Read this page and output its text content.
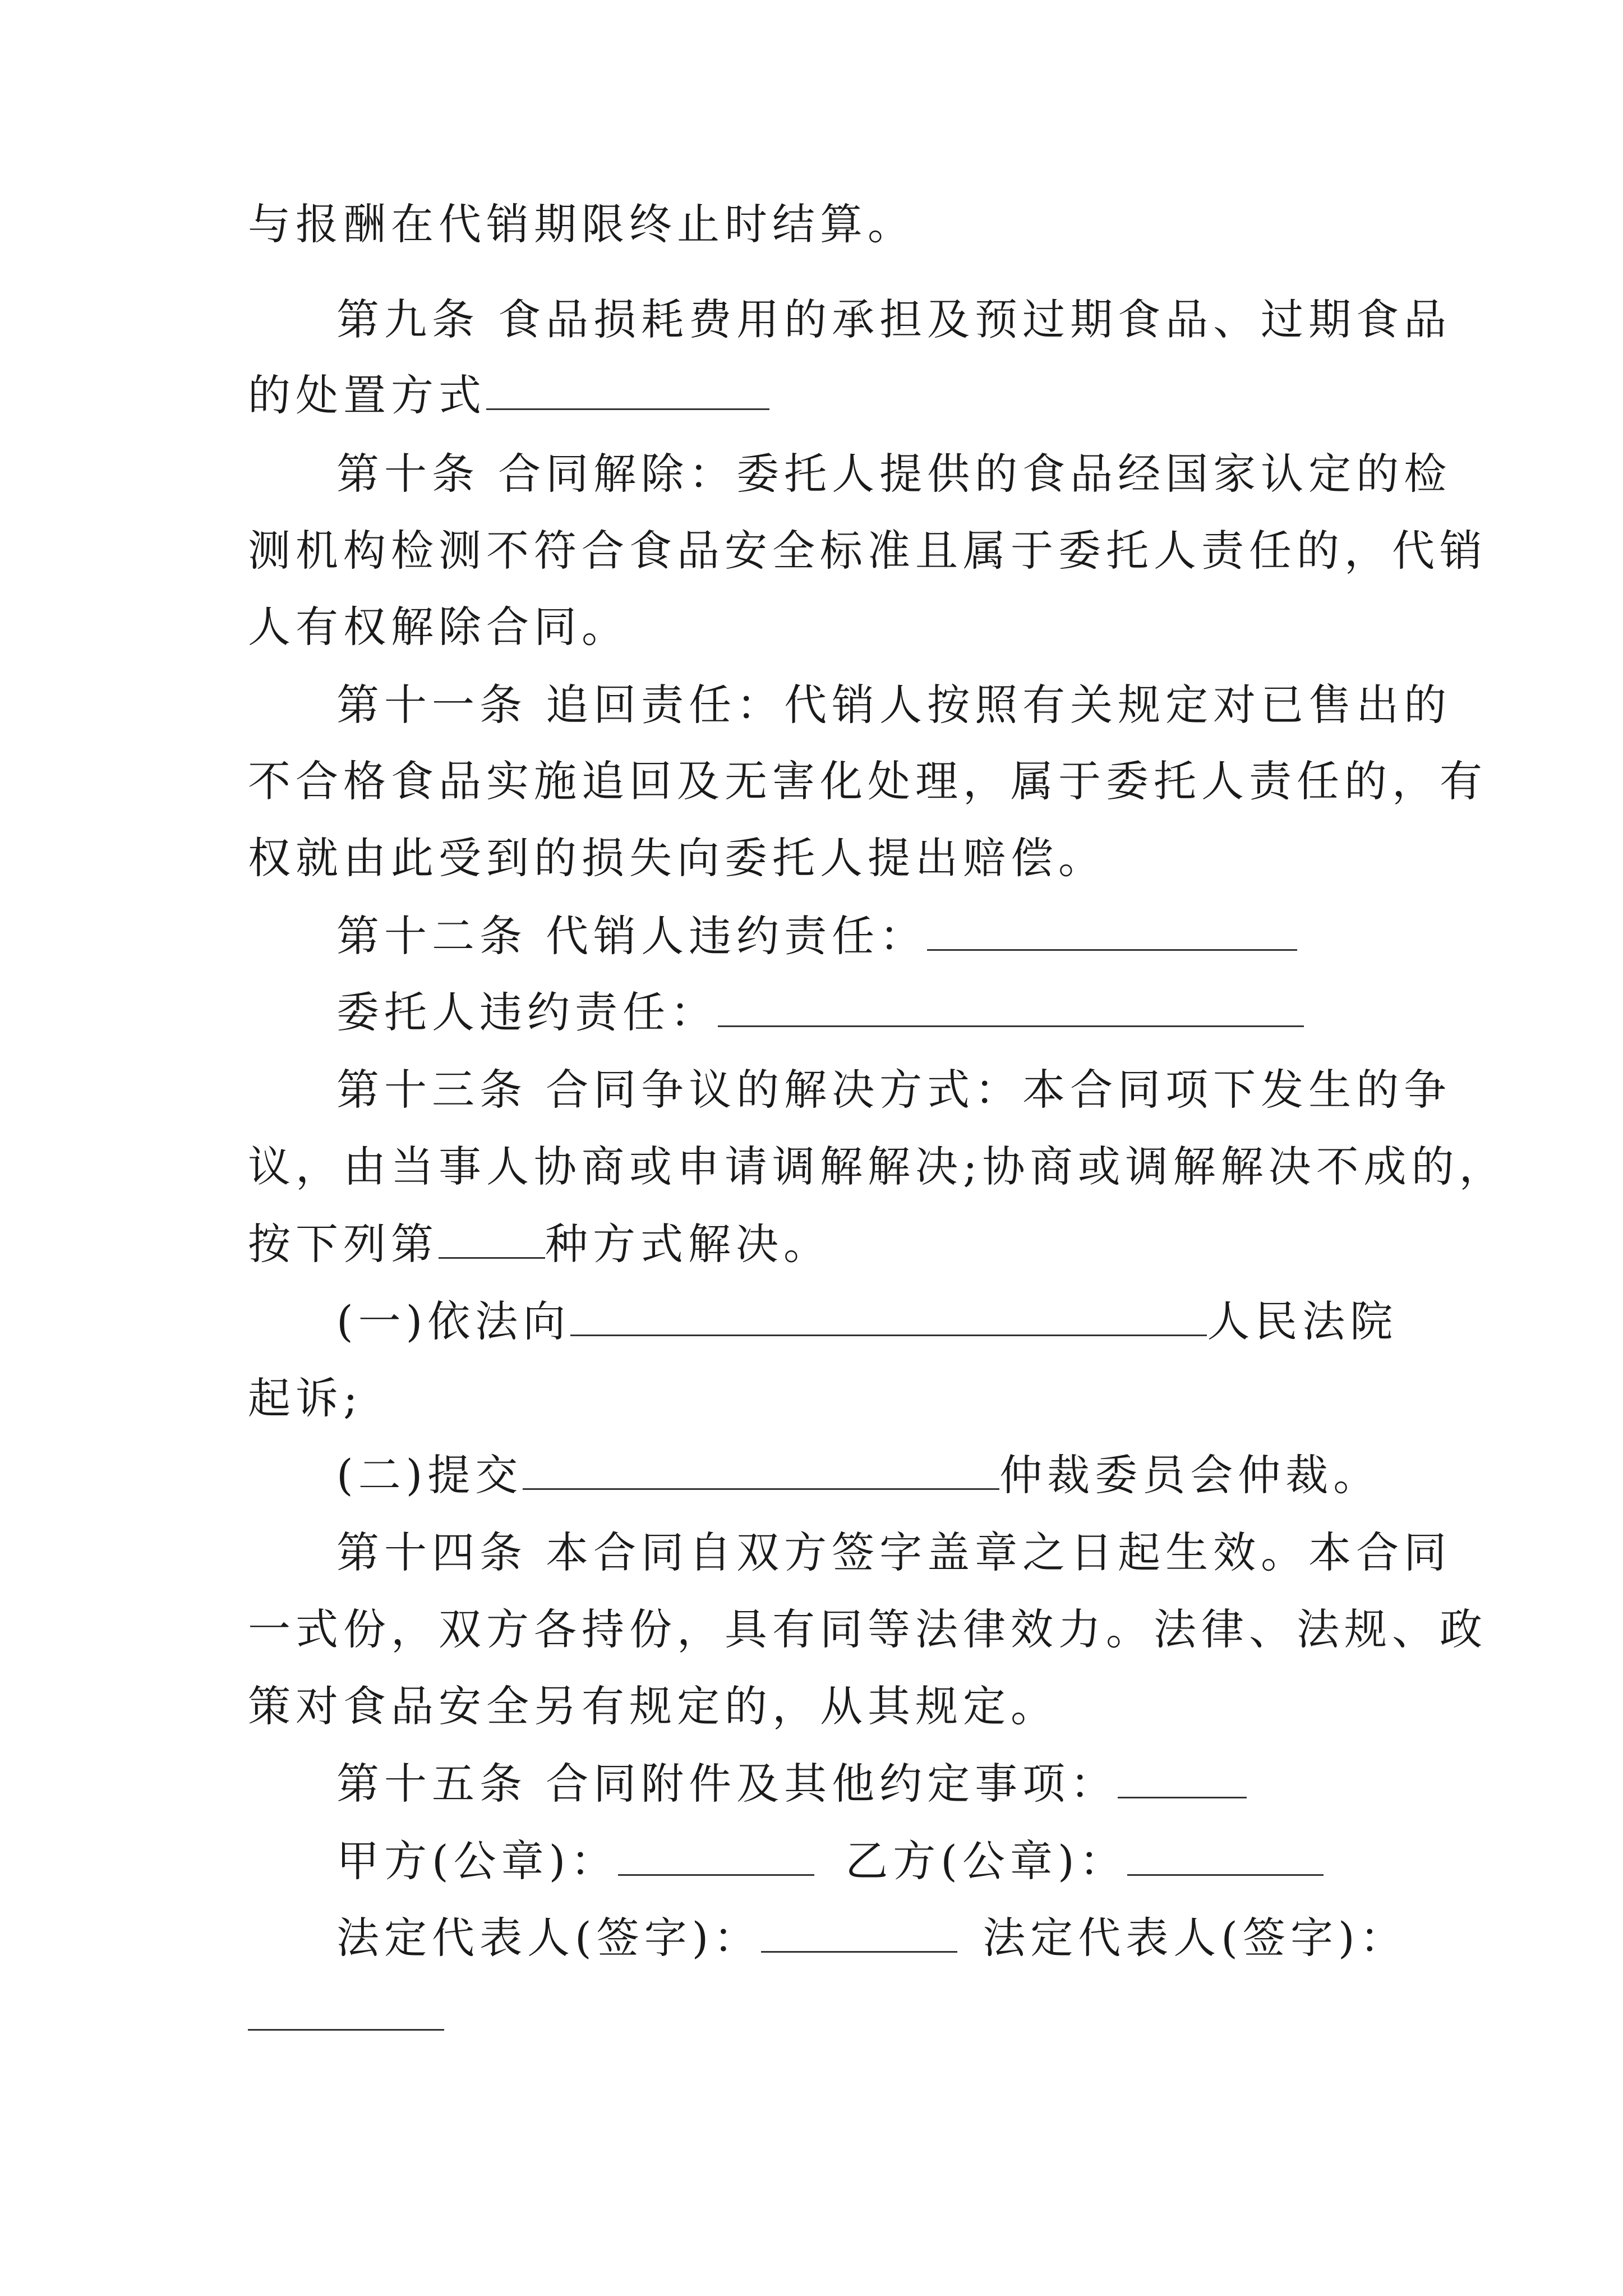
与报酬在代销期限终止时结算。
第九条 食品损耗费用的承担及预过期食品、过期食品
的处置方式
第十条 合同解除：委托人提供的食品经国家认定的检
测机构检测不符合食品安全标准且属于委托人责任的，代销
人有权解除合同。
第十一条 追回责任：代销人按照有关规定对已售出的
不合格食品实施追回及无害化处理，属于委托人责任的，有
权就由此受到的损失向委托人提出赔偿。
第十二条 代销人违约责任：
委托人违约责任：
第十三条 合同争议的解决方式：本合同项下发生的争
议，由当事人协商或申请调解解决;协商或调解解决不成的，
按下列第	种方式解决。
(一)依法向	人民法院
起诉;
(二)提交	仲裁委员会仲裁。
第十四条 本合同自双方签字盖章之日起生效。本合同
一式份，双方各持份，具有同等法律效力。法律、法规、政
策对食品安全另有规定的，从其规定。
第十五条 合同附件及其他约定事项：
甲方(公章)：	乙方(公章)：
法定代表人(签字)：	法定代表人(签字)：
